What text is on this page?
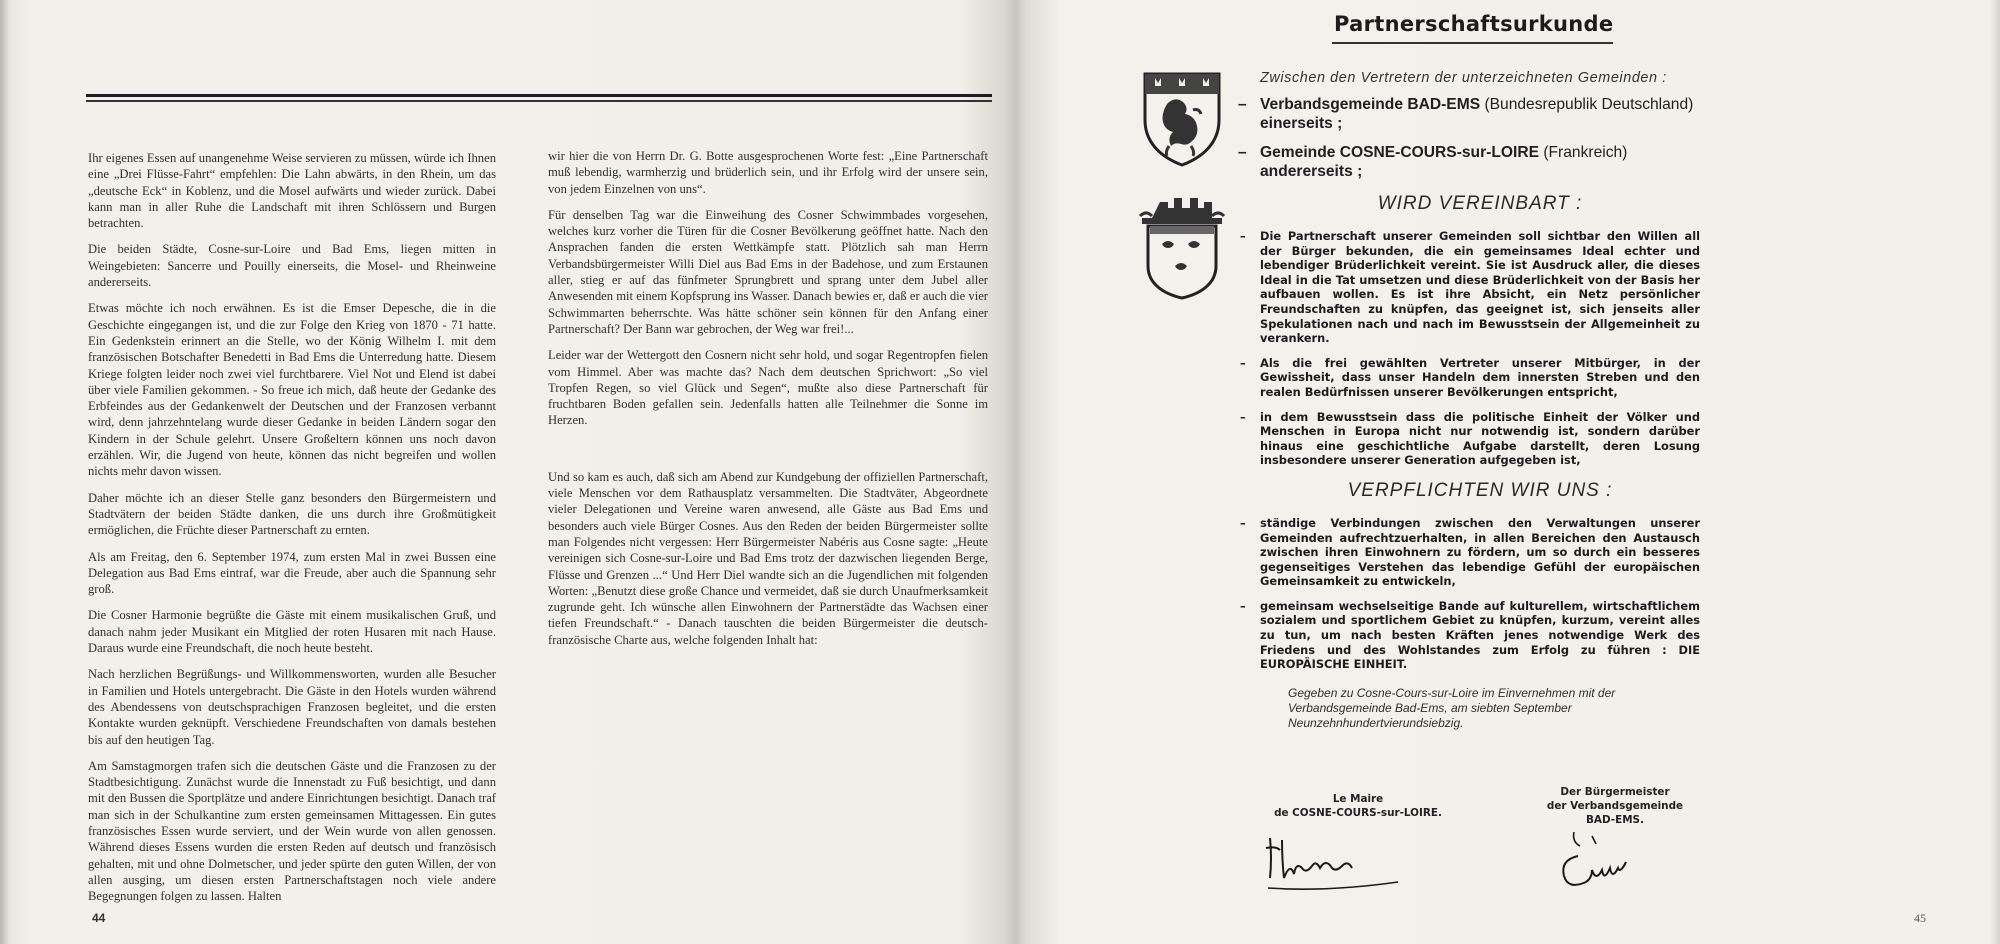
Ihr eigenes Essen auf unangenehme Weise servieren zu müssen, würde ich Ihnen eine „Drei Flüsse-Fahrt“ empfehlen: Die Lahn abwärts, in den Rhein, um das „deutsche Eck“ in Koblenz, und die Mosel aufwärts und wieder zurück. Dabei kann man in aller Ruhe die Landschaft mit ihren Schlössern und Burgen betrachten.

Die beiden Städte, Cosne-sur-Loire und Bad Ems, liegen mitten in Weingebieten: Sancerre und Pouilly einerseits, die Mosel- und Rheinweine andererseits.

Etwas möchte ich noch erwähnen. Es ist die Emser Depesche, die in die Geschichte eingegangen ist, und die zur Folge den Krieg von 1870 - 71 hatte. Ein Gedenkstein erinnert an die Stelle, wo der König Wilhelm I. mit dem französischen Botschafter Benedetti in Bad Ems die Unterredung hatte. Diesem Kriege folgten leider noch zwei viel furchtbarere. Viel Not und Elend ist dabei über viele Familien gekommen. - So freue ich mich, daß heute der Gedanke des Erbfeindes aus der Gedankenwelt der Deutschen und der Franzosen verbannt wird, denn jahrzehntelang wurde dieser Gedanke in beiden Ländern sogar den Kindern in der Schule gelehrt. Unsere Großeltern können uns noch davon erzählen. Wir, die Jugend von heute, können das nicht begreifen und wollen nichts mehr davon wissen.

Daher möchte ich an dieser Stelle ganz besonders den Bürgermeistern und Stadtvätern der beiden Städte danken, die uns durch ihre Großmütigkeit ermöglichen, die Früchte dieser Partnerschaft zu ernten.

Als am Freitag, den 6. September 1974, zum ersten Mal in zwei Bussen eine Delegation aus Bad Ems eintraf, war die Freude, aber auch die Spannung sehr groß.

Die Cosner Harmonie begrüßte die Gäste mit einem musikalischen Gruß, und danach nahm jeder Musikant ein Mitglied der roten Husaren mit nach Hause. Daraus wurde eine Freundschaft, die noch heute besteht.

Nach herzlichen Begrüßungs- und Willkommensworten, wurden alle Besucher in Familien und Hotels untergebracht. Die Gäste in den Hotels wurden während des Abendessens von deutschsprachigen Franzosen begleitet, und die ersten Kontakte wurden geknüpft. Verschiedene Freundschaften von damals bestehen bis auf den heutigen Tag.

Am Samstagmorgen trafen sich die deutschen Gäste und die Franzosen zu der Stadtbesichtigung. Zunächst wurde die Innenstadt zu Fuß besichtigt, und dann mit den Bussen die Sportplätze und andere Einrichtungen besichtigt. Danach traf man sich in der Schulkantine zum ersten gemeinsamen Mittagessen. Ein gutes französisches Essen wurde serviert, und der Wein wurde von allen genossen. Während dieses Essens wurden die ersten Reden auf deutsch und französisch gehalten, mit und ohne Dolmetscher, und jeder spürte den guten Willen, der von allen ausging, um diesen ersten Partnerschaftstagen noch viele andere Begegnungen folgen zu lassen. Halten

wir hier die von Herrn Dr. G. Botte ausgesprochenen Worte fest: „Eine Partnerschaft muß lebendig, warmherzig und brüderlich sein, und ihr Erfolg wird der unsere sein, von jedem Einzelnen von uns“.

Für denselben Tag war die Einweihung des Cosner Schwimmbades vorgesehen, welches kurz vorher die Türen für die Cosner Bevölkerung geöffnet hatte. Nach den Ansprachen fanden die ersten Wettkämpfe statt. Plötzlich sah man Herrn Verbandsbürgermeister Willi Diel aus Bad Ems in der Badehose, und zum Erstaunen aller, stieg er auf das fünfmeter Sprungbrett und sprang unter dem Jubel aller Anwesenden mit einem Kopfsprung ins Wasser. Danach bewies er, daß er auch die vier Schwimmarten beherrschte. Was hätte schöner sein können für den Anfang einer Partnerschaft? Der Bann war gebrochen, der Weg war frei!...

Leider war der Wettergott den Cosnern nicht sehr hold, und sogar Regentropfen fielen vom Himmel. Aber was machte das? Nach dem deutschen Sprichwort: „So viel Tropfen Regen, so viel Glück und Segen“, mußte also diese Partnerschaft für fruchtbaren Boden gefallen sein. Jedenfalls hatten alle Teilnehmer die Sonne im Herzen.

Und so kam es auch, daß sich am Abend zur Kundgebung der offiziellen Partnerschaft, viele Menschen vor dem Rathausplatz versammelten. Die Stadtväter, Abgeordnete vieler Delegationen und Vereine waren anwesend, alle Gäste aus Bad Ems und besonders auch viele Bürger Cosnes. Aus den Reden der beiden Bürgermeister sollte man Folgendes nicht vergessen: Herr Bürgermeister Nabéris aus Cosne sagte: „Heute vereinigen sich Cosne-sur-Loire und Bad Ems trotz der dazwischen liegenden Berge, Flüsse und Grenzen ...“ Und Herr Diel wandte sich an die Jugendlichen mit folgenden Worten: „Benutzt diese große Chance und vermeidet, daß sie durch Unaufmerksamkeit zugrunde geht. Ich wünsche allen Einwohnern der Partnerstädte das Wachsen einer tiefen Freundschaft.“ - Danach tauschten die beiden Bürgermeister die deutsch-französische Charte aus, welche folgenden Inhalt hat:

44
Partnerschaftsurkunde

Zwischen den Vertretern der unterzeichneten Gemeinden :

– Verbandsgemeinde BAD-EMS (Bundesrepublik Deutschland) einerseits ;
– Gemeinde COSNE-COURS-sur-LOIRE (Frankreich) andererseits ;
WIRD VEREINBART :
– Die Partnerschaft unserer Gemeinden soll sichtbar den Willen all der Bürger bekunden, die ein gemeinsames Ideal echter und lebendiger Brüderlichkeit vereint. Sie ist Ausdruck aller, die dieses Ideal in die Tat umsetzen und diese Brüderlichkeit von der Basis her aufbauen wollen. Es ist ihre Absicht, ein Netz persönlicher Freundschaften zu knüpfen, das geeignet ist, sich jenseits aller Spekulationen nach und nach im Bewusstsein der Allgemeinheit zu verankern.
– Als die frei gewählten Vertreter unserer Mitbürger, in der Gewissheit, dass unser Handeln dem innersten Streben und den realen Bedürfnissen unserer Bevölkerungen entspricht,
– in dem Bewusstsein dass die politische Einheit der Völker und Menschen in Europa nicht nur notwendig ist, sondern darüber hinaus eine geschichtliche Aufgabe darstellt, deren Losung insbesondere unserer Generation aufgegeben ist,
VERPFLICHTEN WIR UNS :
– ständige Verbindungen zwischen den Verwaltungen unserer Gemeinden aufrechtzuerhalten, in allen Bereichen den Austausch zwischen ihren Einwohnern zu fördern, um so durch ein besseres gegenseitiges Verstehen das lebendige Gefühl der europäischen Gemeinsamkeit zu entwickeln,
– gemeinsam wechselseitige Bande auf kulturellem, wirtschaftlichem sozialem und sportlichem Gebiet zu knüpfen, kurzum, vereint alles zu tun, um nach besten Kräften jenes notwendige Werk des Friedens und des Wohlstandes zum Erfolg zu führen : DIE EUROPÄISCHE EINHEIT.

Gegeben zu Cosne-Cours-sur-Loire im Einvernehmen mit der Verbandsgemeinde Bad-Ems, am siebten September Neunzehnhundertvierundsiebzig.

Le Maire
de COSNE-COURS-sur-LOIRE.
Der Bürgermeister
der Verbandsgemeinde
BAD-EMS.
45
